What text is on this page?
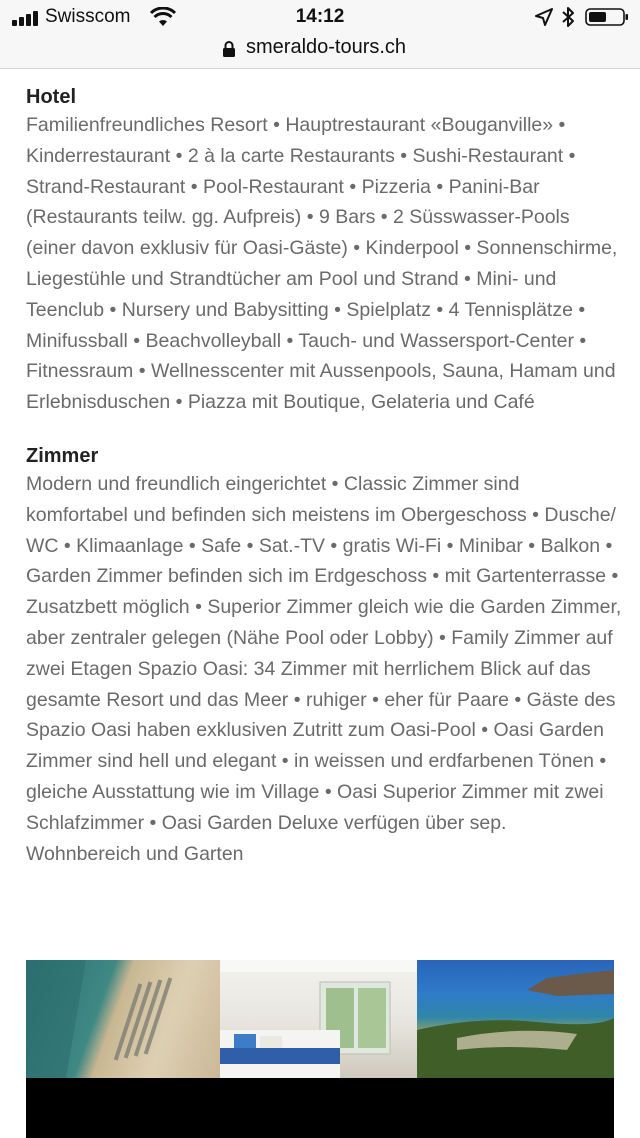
Swisscom	14:12
smeraldo-tours.ch
Hotel

Familienfreundliches Resort • Hauptrestaurant «Bouganville» • Kinderrestaurant • 2 à la carte Restaurants • Sushi-Restaurant • Strand-Restaurant • Pool-Restaurant • Pizzeria • Panini-Bar (Restaurants teilw. gg. Aufpreis) • 9 Bars • 2 Süsswasser-Pools (einer davon exklusiv für Oasi-Gäste) • Kinderpool • Sonnenschirme, Liegestühle und Strandtücher am Pool und Strand • Mini- und Teenclub • Nursery und Babysitting • Spielplatz • 4 Tennisplätze • Minifussball • Beachvolleyball • Tauch- und Wassersport-Center • Fitnessraum • Wellnesscenter mit Aussenpools, Sauna, Hamam und Erlebnisduschen • Piazza mit Boutique, Gelateria und Café

Zimmer

Modern und freundlich eingerichtet • Classic Zimmer sind komfortabel und befinden sich meistens im Obergeschoss • Dusche/ WC • Klimaanlage • Safe • Sat.-TV • gratis Wi-Fi • Minibar • Balkon • Garden Zimmer befinden sich im Erdgeschoss • mit Gartenterrasse • Zusatzbett möglich • Superior Zimmer gleich wie die Garden Zimmer, aber zentraler gelegen (Nähe Pool oder Lobby) • Family Zimmer auf zwei Etagen Spazio Oasi: 34 Zimmer mit herrlichem Blick auf das gesamte Resort und das Meer • ruhiger • eher für Paare • Gäste des Spazio Oasi haben exklusiven Zutritt zum Oasi-Pool • Oasi Garden Zimmer sind hell und elegant • in weissen und erdfarbenen Tönen • gleiche Ausstattung wie im Village • Oasi Superior Zimmer mit zwei Schlafzimmer • Oasi Garden Deluxe verfügen über sep. Wohnbereich und Garten
